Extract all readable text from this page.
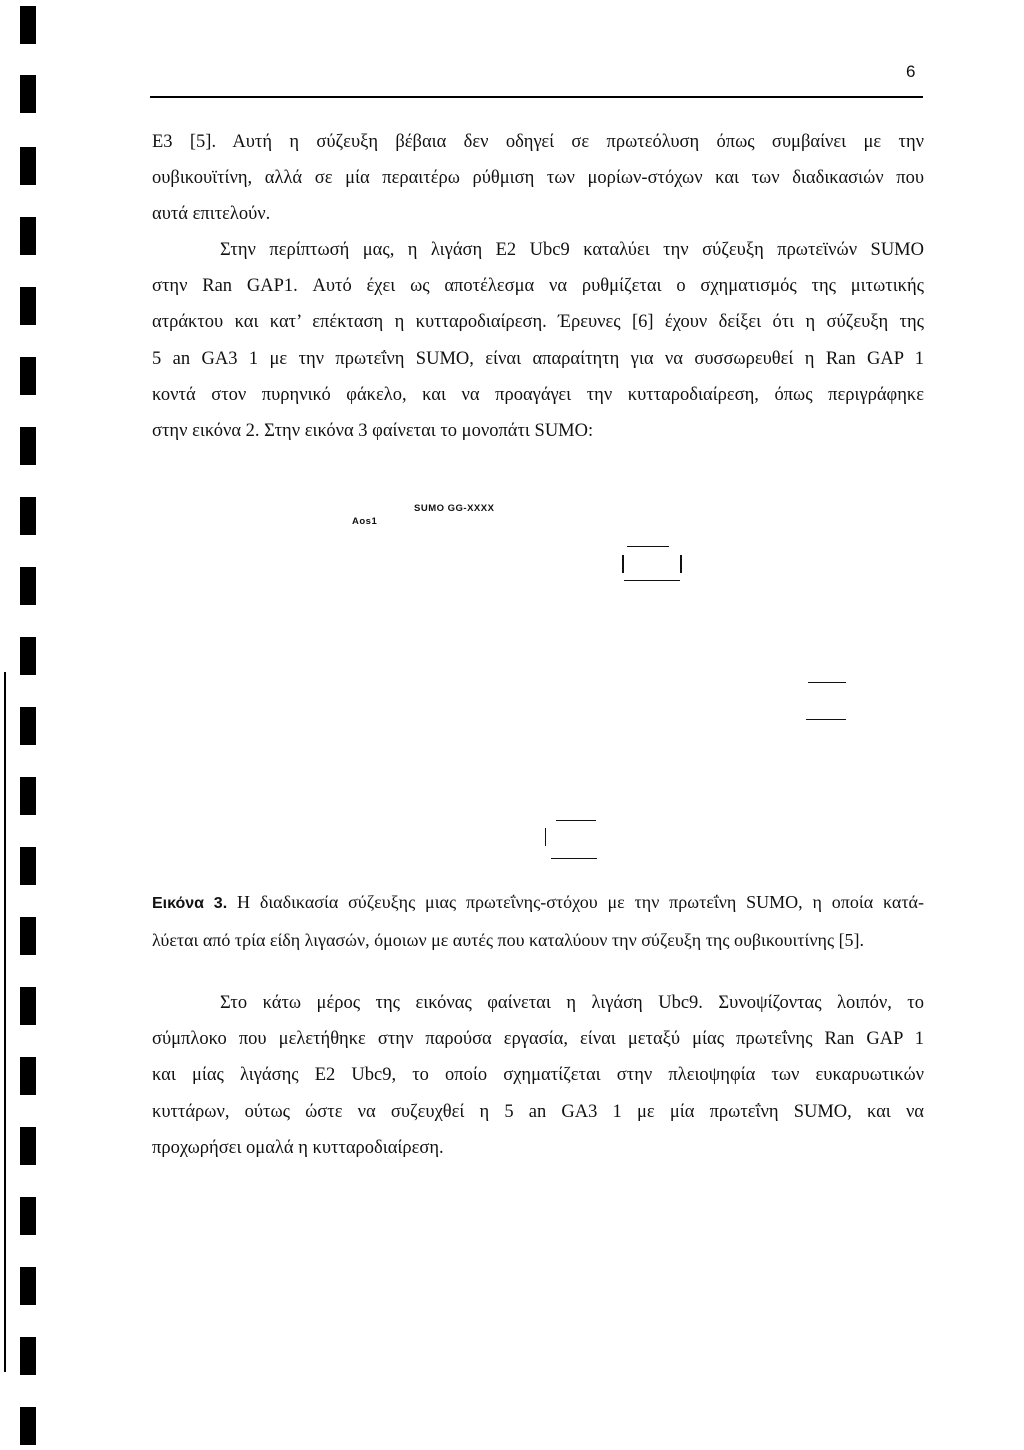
6
Ε3 [5]. Αυτή η σύζευξη βέβαια δεν οδηγεί σε πρωτεόλυση όπως συμβαίνει με την
ουβικουϊτίνη, αλλά σε μία περαιτέρω ρύθμιση των μορίων-στόχων και των διαδικασιών που
αυτά επιτελούν.
Στην περίπτωσή μας, η λιγάση Ε2 Ubc9 καταλύει την σύζευξη πρωτεϊνών SUMO
στην Ran GAP1. Αυτό έχει ως αποτέλεσμα να ρυθμίζεται ο σχηματισμός της μιτωτικής
ατράκτου και κατ’ επέκταση η κυτταροδιαίρεση. Έρευνες [6] έχουν δείξει ότι η σύζευξη της
5 an GA3 1 με την πρωτεΐνη SUMO, είναι απαραίτητη για να συσσωρευθεί η Ran GAP 1
κοντά στον πυρηνικό φάκελο, και να προαγάγει την κυτταροδιαίρεση, όπως περιγράφηκε
στην εικόνα 2. Στην εικόνα 3 φαίνεται το μονοπάτι SUMO:
Aos1
SUMO GG-XXXX
Εικόνα 3. Η διαδικασία σύζευξης μιας πρωτεΐνης-στόχου με την πρωτεΐνη SUMO, η οποία κατά-
λύεται από τρία είδη λιγασών, όμοιων με αυτές που καταλύουν την σύζευξη της ουβικουιτίνης [5].
Στο κάτω μέρος της εικόνας φαίνεται η λιγάση Ubc9. Συνοψίζοντας λοιπόν, το
σύμπλοκο που μελετήθηκε στην παρούσα εργασία, είναι μεταξύ μίας πρωτεΐνης Ran GAP 1
και μίας λιγάσης Ε2 Ubc9, το οποίο σχηματίζεται στην πλειοψηφία των ευκαρυωτικών
κυττάρων, ούτως ώστε να συζευχθεί η 5 an GA3 1 με μία πρωτεΐνη SUMO, και να
προχωρήσει ομαλά η κυτταροδιαίρεση.
